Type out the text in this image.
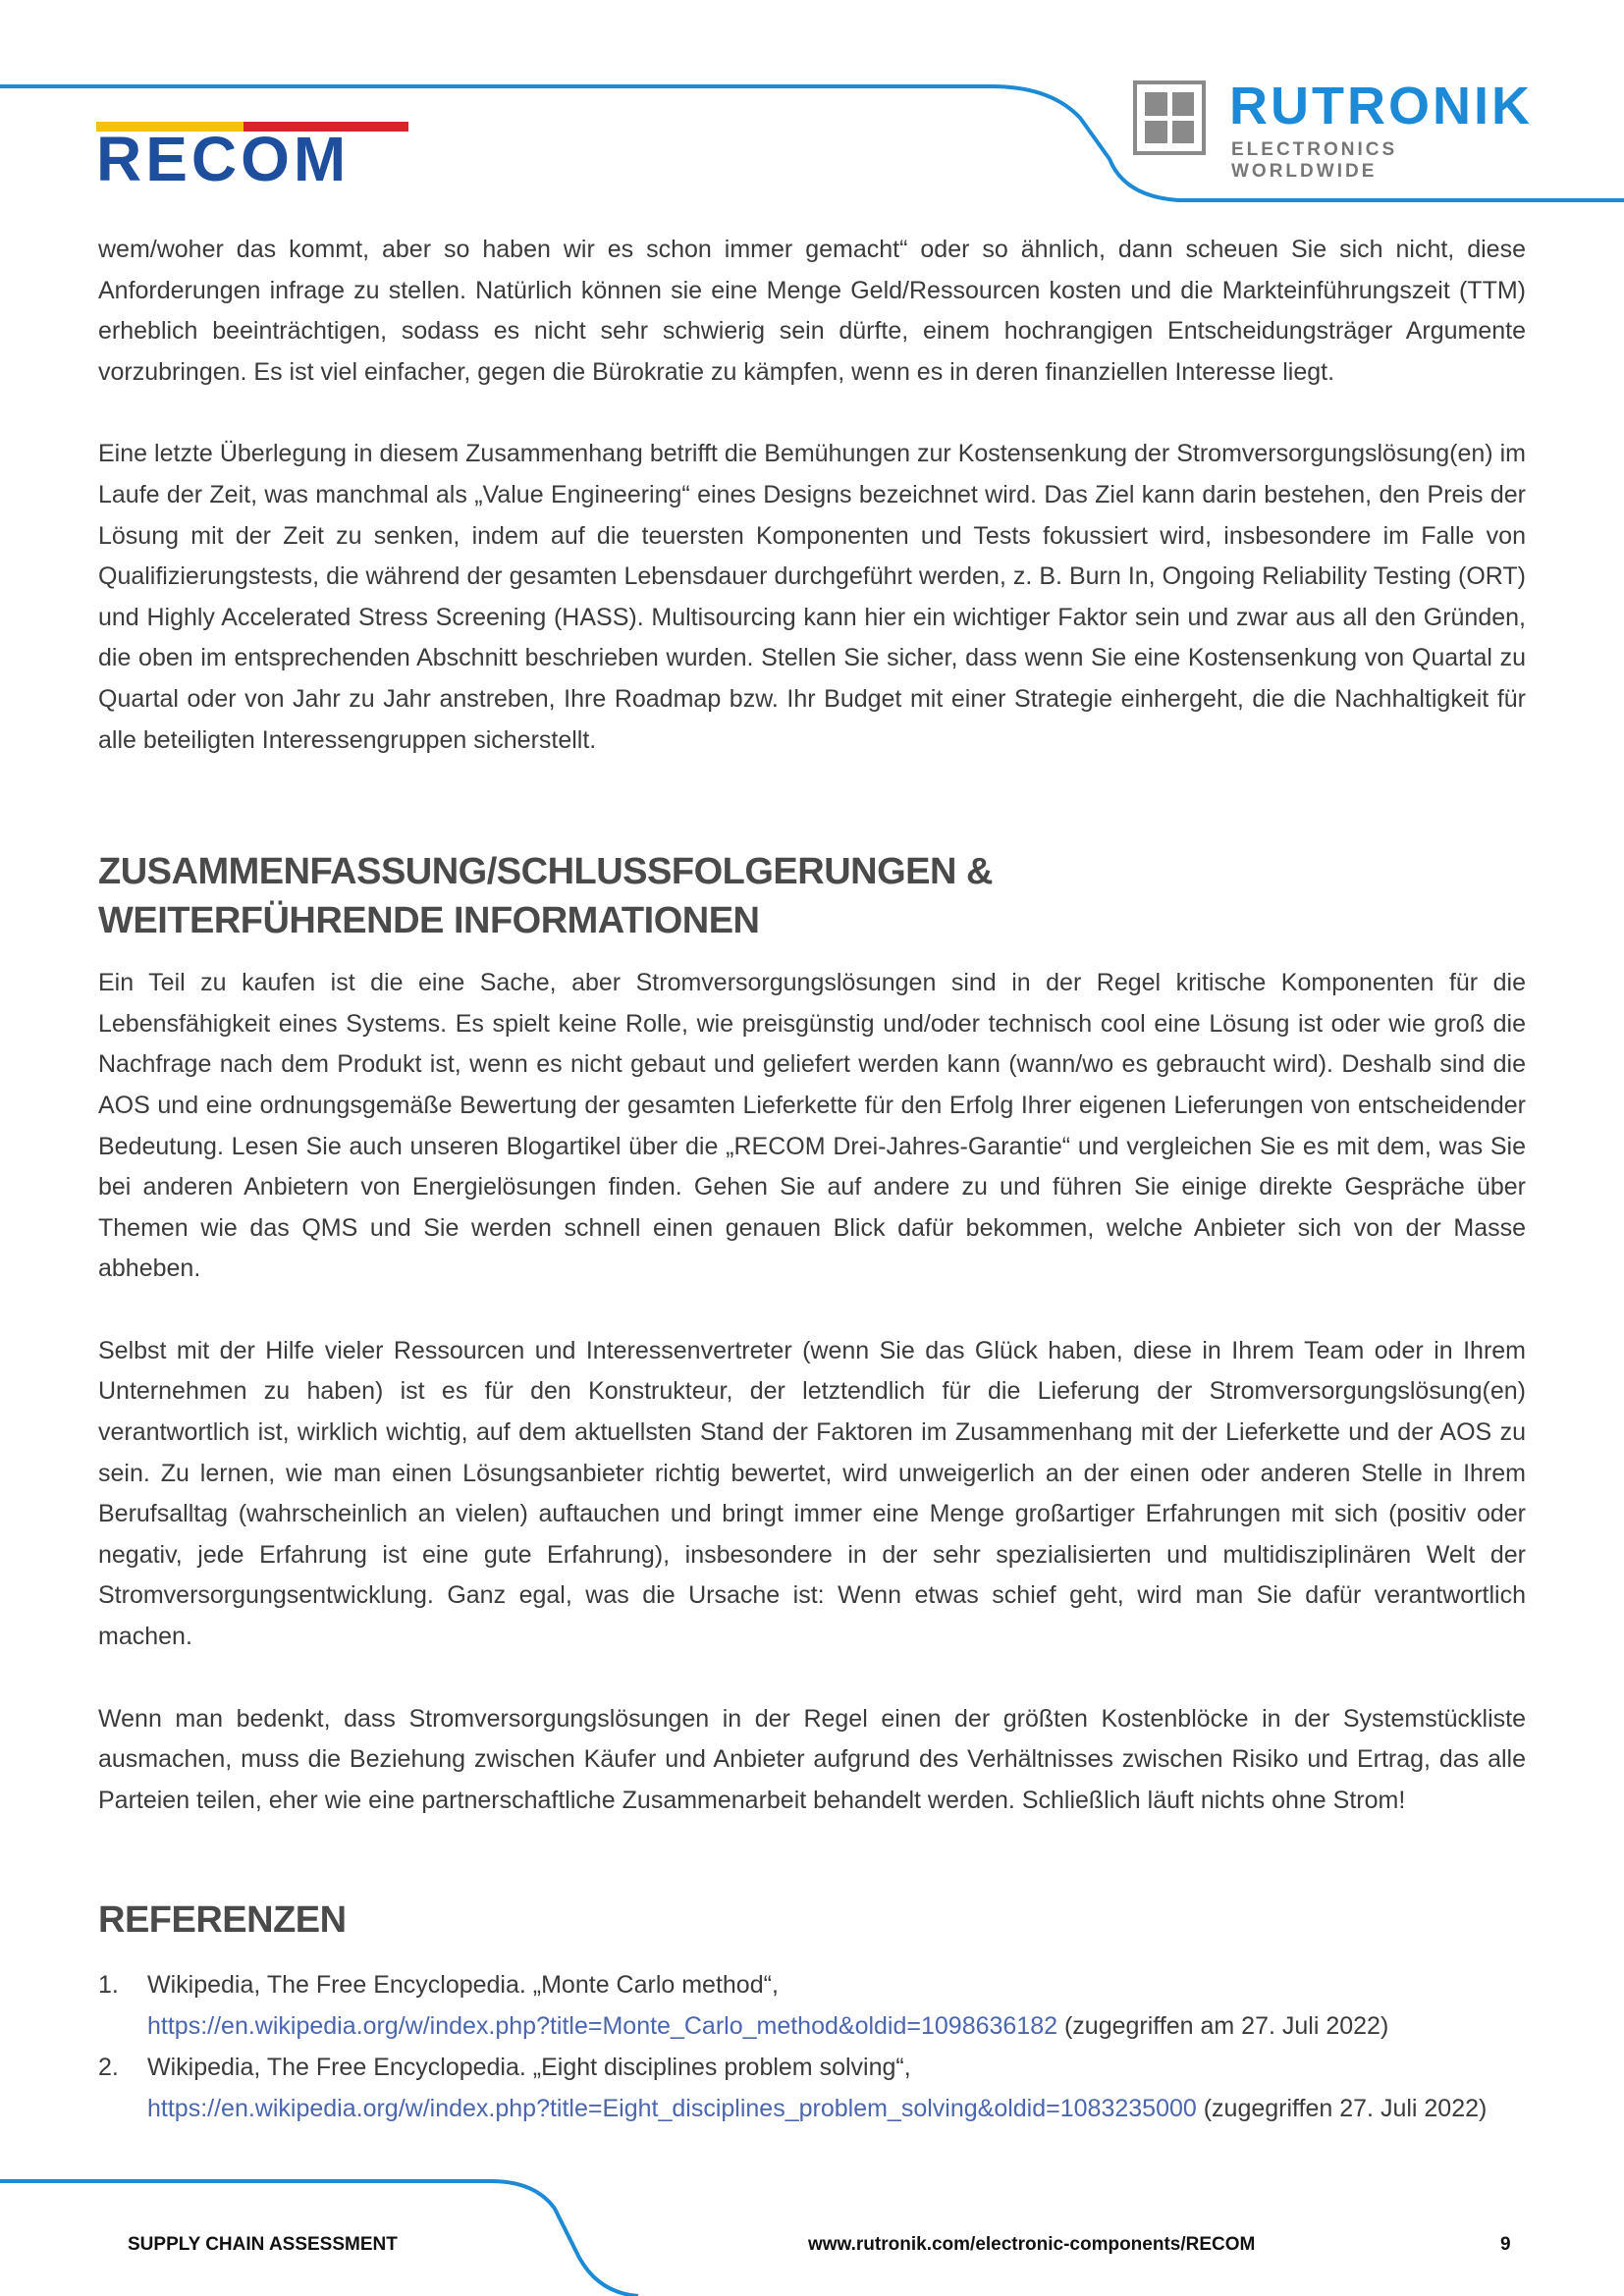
RECOM
RUTRONIK
ELECTRONICS WORLDWIDE

wem/woher das kommt, aber so haben wir es schon immer gemacht“ oder so ähnlich, dann scheuen Sie sich nicht, diese Anforderungen infrage zu stellen. Natürlich können sie eine Menge Geld/Ressourcen kosten und die Markteinführungszeit (TTM) erheblich beeinträchtigen, sodass es nicht sehr schwierig sein dürfte, einem hochrangigen Entscheidungsträger Argumente vorzubringen. Es ist viel einfacher, gegen die Bürokratie zu kämpfen, wenn es in deren finanziellen Interesse liegt.

Eine letzte Überlegung in diesem Zusammenhang betrifft die Bemühungen zur Kostensenkung der Stromversorgungslösung(en) im Laufe der Zeit, was manchmal als „Value Engineering“ eines Designs bezeichnet wird. Das Ziel kann darin bestehen, den Preis der Lösung mit der Zeit zu senken, indem auf die teuersten Komponenten und Tests fokussiert wird, insbesondere im Falle von Qualifizierungstests, die während der gesamten Lebensdauer durchgeführt werden, z. B. Burn In, Ongoing Reliability Testing (ORT) und Highly Accelerated Stress Screening (HASS). Multisourcing kann hier ein wichtiger Faktor sein und zwar aus all den Gründen, die oben im entsprechenden Abschnitt beschrieben wurden. Stellen Sie sicher, dass wenn Sie eine Kostensenkung von Quartal zu Quartal oder von Jahr zu Jahr anstreben, Ihre Roadmap bzw. Ihr Budget mit einer Strategie einhergeht, die die Nachhaltigkeit für alle beteiligten Interessengruppen sicherstellt.

ZUSAMMENFASSUNG/SCHLUSSFOLGERUNGEN & WEITERFÜHRENDE INFORMATIONEN

Ein Teil zu kaufen ist die eine Sache, aber Stromversorgungslösungen sind in der Regel kritische Komponenten für die Lebensfähigkeit eines Systems. Es spielt keine Rolle, wie preisgünstig und/oder technisch cool eine Lösung ist oder wie groß die Nachfrage nach dem Produkt ist, wenn es nicht gebaut und geliefert werden kann (wann/wo es gebraucht wird). Deshalb sind die AOS und eine ordnungsgemäße Bewertung der gesamten Lieferkette für den Erfolg Ihrer eigenen Lieferungen von entscheidender Bedeutung. Lesen Sie auch unseren Blogartikel über die „RECOM Drei-Jahres-Garantie“ und vergleichen Sie es mit dem, was Sie bei anderen Anbietern von Energielösungen finden. Gehen Sie auf andere zu und führen Sie einige direkte Gespräche über Themen wie das QMS und Sie werden schnell einen genauen Blick dafür bekommen, welche Anbieter sich von der Masse abheben.

Selbst mit der Hilfe vieler Ressourcen und Interessenvertreter (wenn Sie das Glück haben, diese in Ihrem Team oder in Ihrem Unternehmen zu haben) ist es für den Konstrukteur, der letztendlich für die Lieferung der Stromversorgungslösung(en) verantwortlich ist, wirklich wichtig, auf dem aktuellsten Stand der Faktoren im Zusammenhang mit der Lieferkette und der AOS zu sein. Zu lernen, wie man einen Lösungsanbieter richtig bewertet, wird unweigerlich an der einen oder anderen Stelle in Ihrem Berufsalltag (wahrscheinlich an vielen) auftauchen und bringt immer eine Menge großartiger Erfahrungen mit sich (positiv oder negativ, jede Erfahrung ist eine gute Erfahrung), insbesondere in der sehr spezialisierten und multidisziplinären Welt der Stromversorgungsentwicklung. Ganz egal, was die Ursache ist: Wenn etwas schief geht, wird man Sie dafür verantwortlich machen.

Wenn man bedenkt, dass Stromversorgungslösungen in der Regel einen der größten Kostenblöcke in der Systemstückliste ausmachen, muss die Beziehung zwischen Käufer und Anbieter aufgrund des Verhältnisses zwischen Risiko und Ertrag, das alle Parteien teilen, eher wie eine partnerschaftliche Zusammenarbeit behandelt werden. Schließlich läuft nichts ohne Strom!

REFERENZEN
1. Wikipedia, The Free Encyclopedia. „Monte Carlo method“,
https://en.wikipedia.org/w/index.php?title=Monte_Carlo_method&oldid=1098636182 (zugegriffen am 27. Juli 2022)
2. Wikipedia, The Free Encyclopedia. „Eight disciplines problem solving“,
https://en.wikipedia.org/w/index.php?title=Eight_disciplines_problem_solving&oldid=1083235000 (zugegriffen 27. Juli 2022)
SUPPLY CHAIN ASSESSMENT	www.rutronik.com/electronic-components/RECOM	9
